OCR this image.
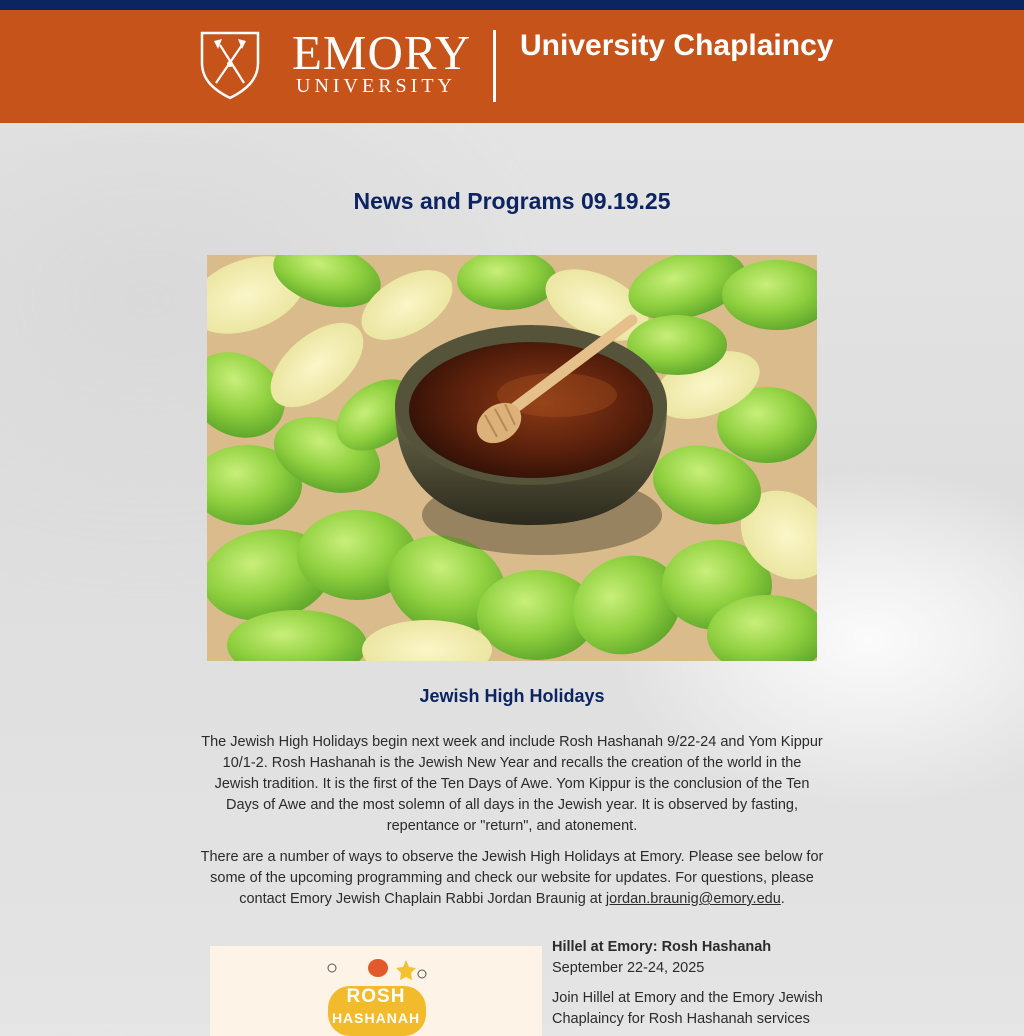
EMORY
UNIVERSITY
University Chaplaincy
News and Programs 09.19.25
Jewish High Holidays

The Jewish High Holidays begin next week and include Rosh Hashanah 9/22-24 and Yom Kippur 10/1-2. Rosh Hashanah is the Jewish New Year and recalls the creation of the world in the Jewish tradition. It is the first of the Ten Days of Awe. Yom Kippur is the conclusion of the Ten Days of Awe and the most solemn of all days in the Jewish year. It is observed by fasting, repentance or "return", and atonement.

There are a number of ways to observe the Jewish High Holidays at Emory. Please see below for some of the upcoming programming and check our website for updates. For questions, please contact Emory Jewish Chaplain Rabbi Jordan Braunig at jordan.braunig@emory.edu.

ROSH
HASHANAH

Hillel at Emory: Rosh Hashanah

September 22-24, 2025

Join Hillel at Emory and the Emory Jewish Chaplaincy for Rosh Hashanah services
